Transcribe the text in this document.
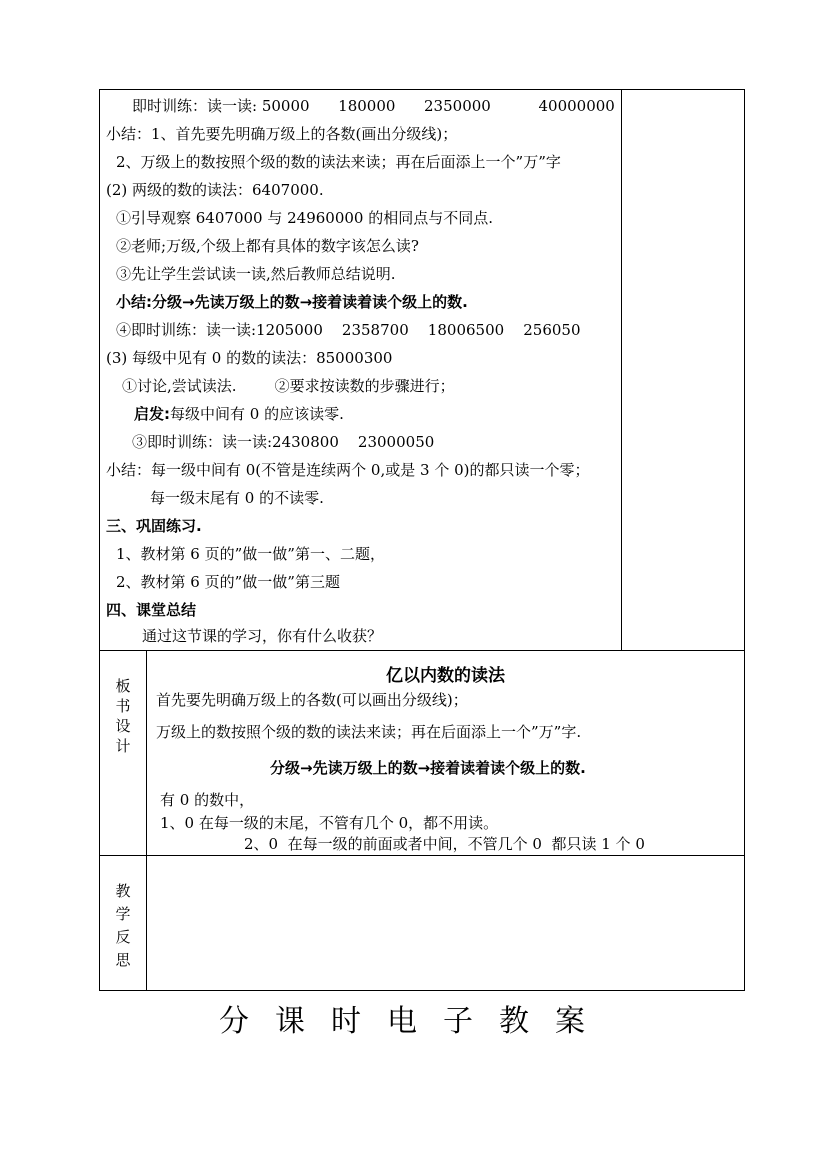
即时训练：读一读: 50000      180000      2350000          40000000
小结：1、首先要先明确万级上的各数(画出分级线)；
2、万级上的数按照个级的数的读法来读；再在后面添上一个”万”字
(2) 两级的数的读法：6407000.
①引导观察 6407000 与 24960000 的相同点与不同点.
②老师;万级,个级上都有具体的数字该怎么读?
③先让学生尝试读一读,然后教师总结说明.
小结:分级→先读万级上的数→接着读着读个级上的数.
④即时训练：读一读:1205000    2358700    18006500    256050
(3) 每级中见有 0 的数的读法：85000300
①讨论,尝试读法.        ②要求按读数的步骤进行；
启发:每级中间有 0 的应该读零.
③即时训练：读一读:2430800    23000050
小结：每一级中间有 0(不管是连续两个 0,或是 3 个 0)的都只读一个零；
每一级末尾有 0 的不读零.
三、巩固练习.
1、教材第 6 页的”做一做”第一、二题，
2、教材第 6 页的”做一做”第三题
四、课堂总结
通过这节课的学习，你有什么收获？
板
书
设
计
亿以内数的读法
首先要先明确万级上的各数(可以画出分级线)；
万级上的数按照个级的数的读法来读；再在后面添上一个”万”字.
分级→先读万级上的数→接着读着读个级上的数.
有 0 的数中，
1、0 在每一级的末尾，不管有几个 0，都不用读。
2、0  在每一级的前面或者中间，不管几个 0  都只读 1 个 0
教
学
反
思
分课时电子教案
